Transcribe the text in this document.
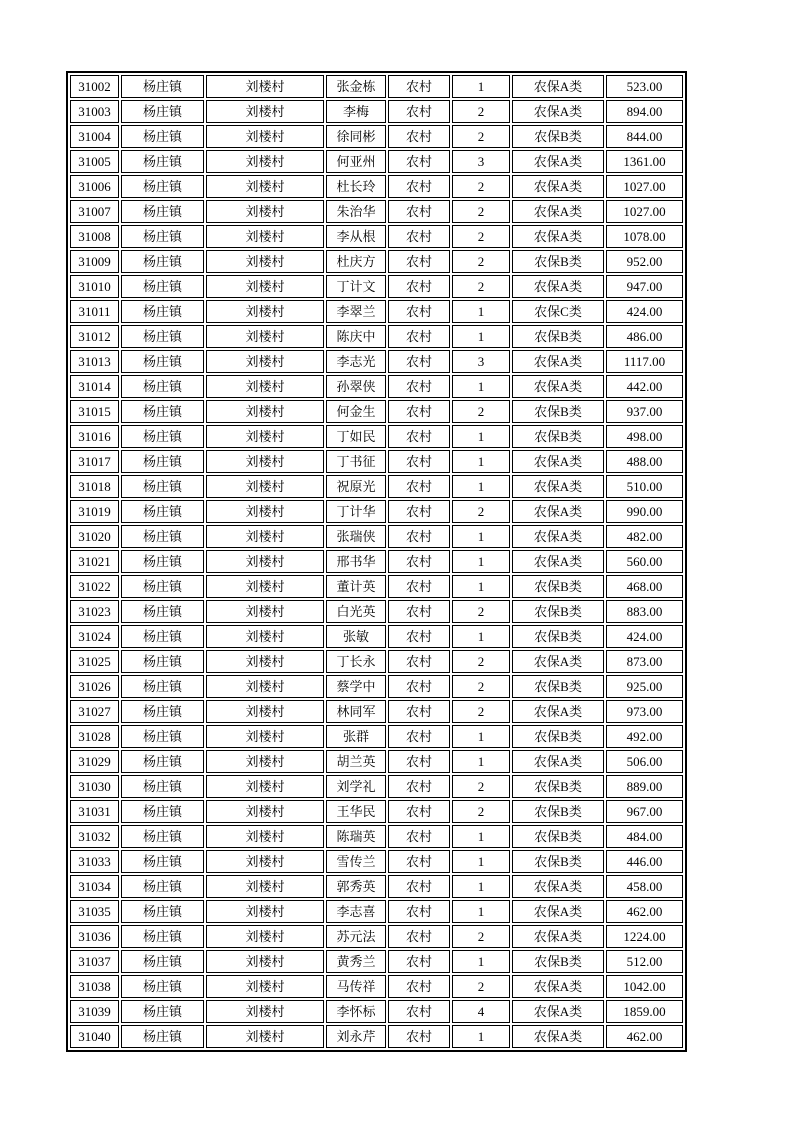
31002	杨庄镇	刘楼村	张金栋	农村	1	农保A类	523.00
31003	杨庄镇	刘楼村	李梅	农村	2	农保A类	894.00
31004	杨庄镇	刘楼村	徐同彬	农村	2	农保B类	844.00
31005	杨庄镇	刘楼村	何亚州	农村	3	农保A类	1361.00
31006	杨庄镇	刘楼村	杜长玲	农村	2	农保A类	1027.00
31007	杨庄镇	刘楼村	朱治华	农村	2	农保A类	1027.00
31008	杨庄镇	刘楼村	李从根	农村	2	农保A类	1078.00
31009	杨庄镇	刘楼村	杜庆方	农村	2	农保B类	952.00
31010	杨庄镇	刘楼村	丁计文	农村	2	农保A类	947.00
31011	杨庄镇	刘楼村	李翠兰	农村	1	农保C类	424.00
31012	杨庄镇	刘楼村	陈庆中	农村	1	农保B类	486.00
31013	杨庄镇	刘楼村	李志光	农村	3	农保A类	1117.00
31014	杨庄镇	刘楼村	孙翠侠	农村	1	农保A类	442.00
31015	杨庄镇	刘楼村	何金生	农村	2	农保B类	937.00
31016	杨庄镇	刘楼村	丁如民	农村	1	农保B类	498.00
31017	杨庄镇	刘楼村	丁书征	农村	1	农保A类	488.00
31018	杨庄镇	刘楼村	祝原光	农村	1	农保A类	510.00
31019	杨庄镇	刘楼村	丁计华	农村	2	农保A类	990.00
31020	杨庄镇	刘楼村	张瑞侠	农村	1	农保A类	482.00
31021	杨庄镇	刘楼村	邢书华	农村	1	农保A类	560.00
31022	杨庄镇	刘楼村	董计英	农村	1	农保B类	468.00
31023	杨庄镇	刘楼村	白光英	农村	2	农保B类	883.00
31024	杨庄镇	刘楼村	张敏	农村	1	农保B类	424.00
31025	杨庄镇	刘楼村	丁长永	农村	2	农保A类	873.00
31026	杨庄镇	刘楼村	蔡学中	农村	2	农保B类	925.00
31027	杨庄镇	刘楼村	林同军	农村	2	农保A类	973.00
31028	杨庄镇	刘楼村	张群	农村	1	农保B类	492.00
31029	杨庄镇	刘楼村	胡兰英	农村	1	农保A类	506.00
31030	杨庄镇	刘楼村	刘学礼	农村	2	农保B类	889.00
31031	杨庄镇	刘楼村	王华民	农村	2	农保B类	967.00
31032	杨庄镇	刘楼村	陈瑞英	农村	1	农保B类	484.00
31033	杨庄镇	刘楼村	雪传兰	农村	1	农保B类	446.00
31034	杨庄镇	刘楼村	郭秀英	农村	1	农保A类	458.00
31035	杨庄镇	刘楼村	李志喜	农村	1	农保A类	462.00
31036	杨庄镇	刘楼村	苏元法	农村	2	农保A类	1224.00
31037	杨庄镇	刘楼村	黄秀兰	农村	1	农保B类	512.00
31038	杨庄镇	刘楼村	马传祥	农村	2	农保A类	1042.00
31039	杨庄镇	刘楼村	李怀标	农村	4	农保A类	1859.00
31040	杨庄镇	刘楼村	刘永芹	农村	1	农保A类	462.00
